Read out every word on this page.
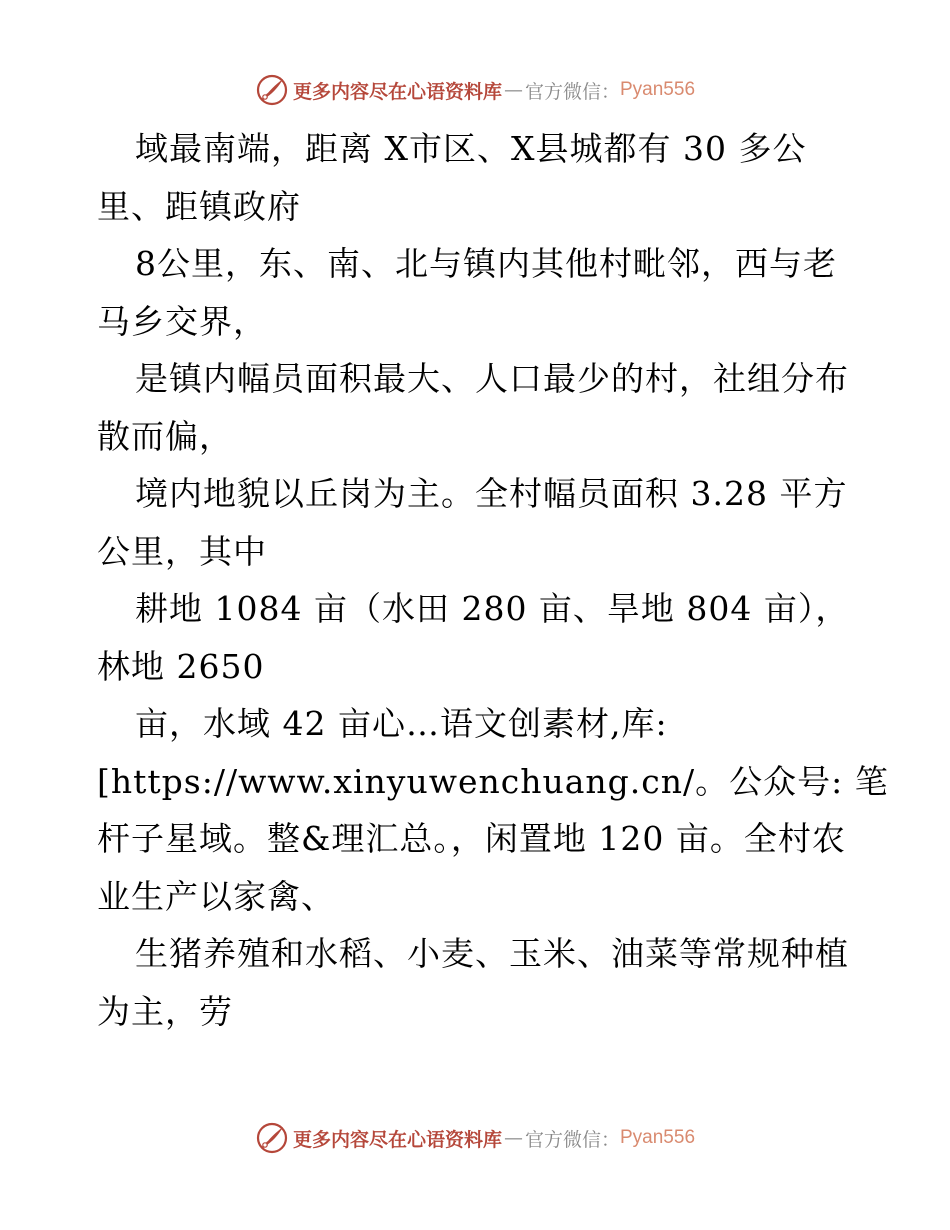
更多内容尽在心语资料库 — 官方微信： Pyan556
域最南端，距离 X市区、X县城都有 30 多公
里、距镇政府
8公里，东、南、北与镇内其他村毗邻，西与老
马乡交界，
是镇内幅员面积最大、人口最少的村，社组分布
散而偏，
境内地貌以丘岗为主。全村幅员面积 3.28 平方
公里，其中
耕地 1084 亩（水田 280 亩、旱地 804 亩），
林地 2650
亩，水域 42 亩心…语文创素材,库:
[https://www.xinyuwenchuang.cn/。公众号: 笔
杆子星域。整&理汇总。，闲置地 120 亩。全村农
业生产以家禽、
生猪养殖和水稻、小麦、玉米、油菜等常规种植
为主，劳
更多内容尽在心语资料库 — 官方微信： Pyan556
